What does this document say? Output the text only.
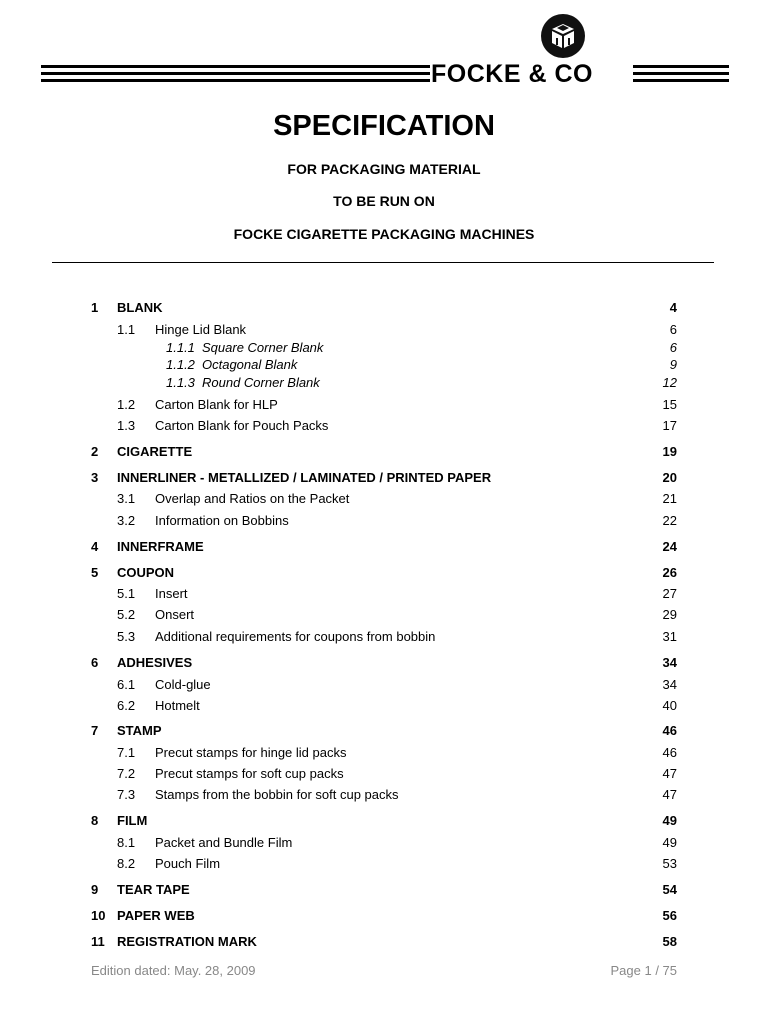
FOCKE & CO
SPECIFICATION
FOR PACKAGING MATERIAL
TO BE RUN ON
FOCKE CIGARETTE PACKAGING MACHINES
1 BLANK	4
1.1 Hinge Lid Blank	6
1.1.1 Square Corner Blank	6
1.1.2 Octagonal Blank	9
1.1.3 Round Corner Blank	12
1.2 Carton Blank for HLP	15
1.3 Carton Blank for Pouch Packs	17
2 CIGARETTE	19
3 INNERLINER - METALLIZED / LAMINATED / PRINTED PAPER	20
3.1 Overlap and Ratios on the Packet	21
3.2 Information on Bobbins	22
4 INNERFRAME	24
5 COUPON	26
5.1 Insert	27
5.2 Onsert	29
5.3 Additional requirements for coupons from bobbin	31
6 ADHESIVES	34
6.1 Cold-glue	34
6.2 Hotmelt	40
7 STAMP	46
7.1 Precut stamps for hinge lid packs	46
7.2 Precut stamps for soft cup packs	47
7.3 Stamps from the bobbin for soft cup packs	47
8 FILM	49
8.1 Packet and Bundle Film	49
8.2 Pouch Film	53
9 TEAR TAPE	54
10 PAPER WEB	56
11 REGISTRATION MARK	58
Edition dated: May. 28, 2009	Page 1 / 75
